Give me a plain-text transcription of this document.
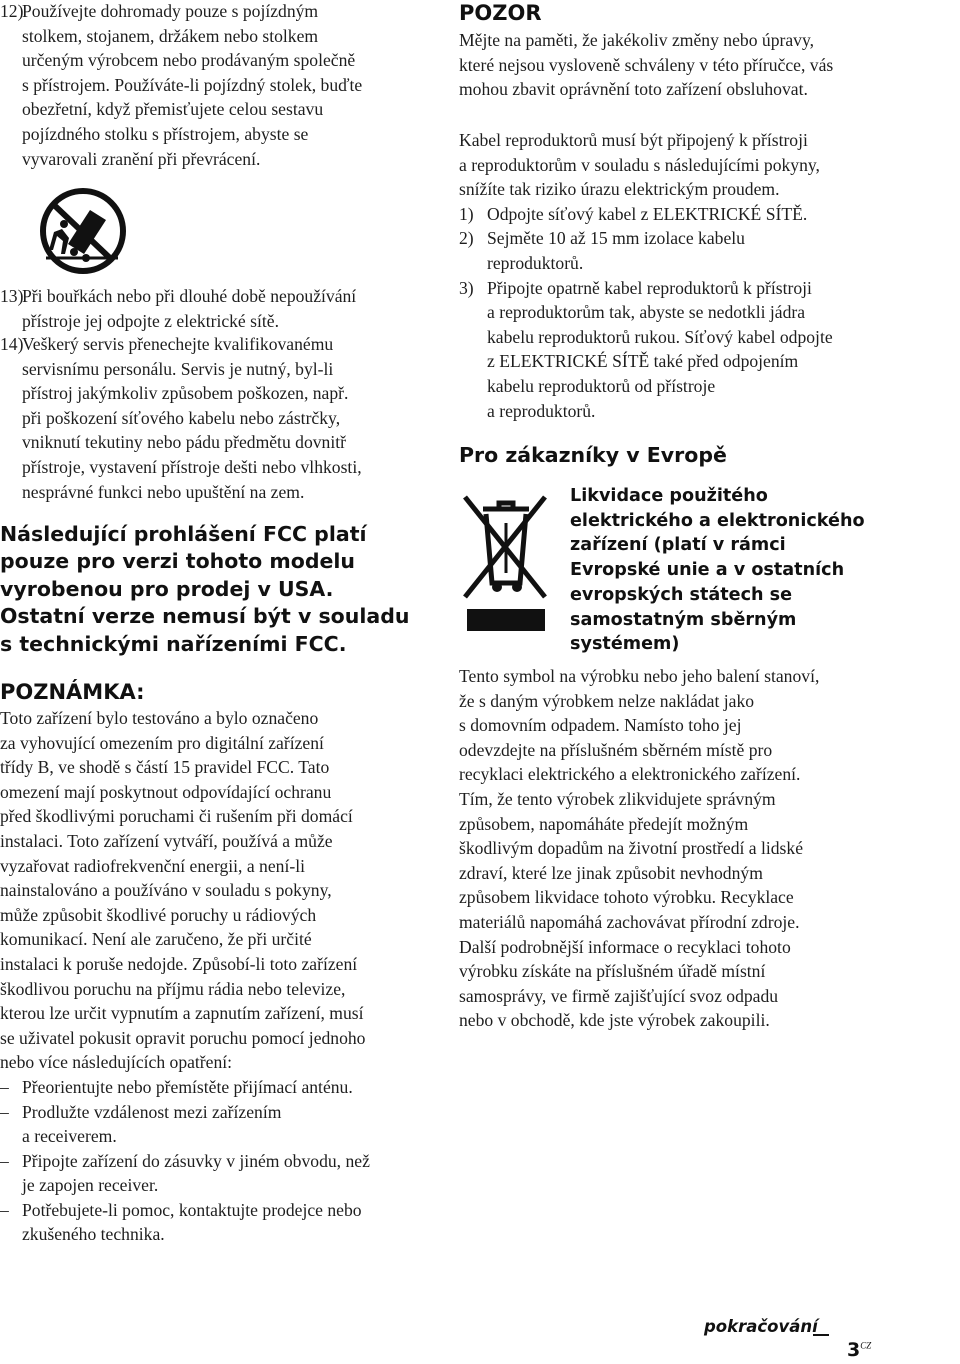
12)
Používejte dohromady pouze s pojízdným
stolkem, stojanem, držákem nebo stolkem
určeným výrobcem nebo prodávaným společně
s přístrojem. Používáte-li pojízdný stolek, buďte
obezřetní, když přemisťujete celou sestavu
pojízdného stolku s přístrojem, abyste se
vyvarovali zranění při převrácení.
13)
Při bouřkách nebo při dlouhé době nepoužívání
přístroje jej odpojte z elektrické sítě.
14)
Veškerý servis přenechejte kvalifikovanému
servisnímu personálu. Servis je nutný, byl-li
přístroj jakýmkoliv způsobem poškozen, např.
při poškození síťového kabelu nebo zástrčky,
vniknutí tekutiny nebo pádu předmětu dovnitř
přístroje, vystavení přístroje dešti nebo vlhkosti,
nesprávné funkci nebo upuštění na zem.
Následující prohlášení FCC platí
pouze pro verzi tohoto modelu
vyrobenou pro prodej v USA.
Ostatní verze nemusí být v souladu
s technickými nařízeními FCC.
POZNÁMKA:
Toto zařízení bylo testováno a bylo označeno
za vyhovující omezením pro digitální zařízení
třídy B, ve shodě s částí 15 pravidel FCC. Tato
omezení mají poskytnout odpovídající ochranu
před škodlivými poruchami či rušením při domácí
instalaci. Toto zařízení vytváří, používá a může
vyzařovat radiofrekvenční energii, a není-li
nainstalováno a používáno v souladu s pokyny,
může způsobit škodlivé poruchy u rádiových
komunikací. Není ale zaručeno, že při určité
instalaci k poruše nedojde. Způsobí-li toto zařízení
škodlivou poruchu na příjmu rádia nebo televize,
kterou lze určit vypnutím a zapnutím zařízení, musí
se uživatel pokusit opravit poruchu pomocí jednoho
nebo více následujících opatření:
– Přeorientujte nebo přemístěte přijímací anténu.
– Prodlužte vzdálenost mezi zařízením
a receiverem.
– Připojte zařízení do zásuvky v jiném obvodu, než
je zapojen receiver.
– Potřebujete-li pomoc, kontaktujte prodejce nebo
zkušeného technika.
POZOR
Mějte na paměti, že jakékoliv změny nebo úpravy,
které nejsou vysloveně schváleny v této příručce, vás
mohou zbavit oprávnění toto zařízení obsluhovat.
Kabel reproduktorů musí být připojený k přístroji
a reproduktorům v souladu s následujícími pokyny,
snížíte tak riziko úrazu elektrickým proudem.
1) Odpojte síťový kabel z ELEKTRICKÉ SÍTĚ.
2) Sejměte 10 až 15 mm izolace kabelu
reproduktorů.
3) Připojte opatrně kabel reproduktorů k přístroji
a reproduktorům tak, abyste se nedotkli jádra
kabelu reproduktorů rukou. Síťový kabel odpojte
z ELEKTRICKÉ SÍTĚ také před odpojením
kabelu reproduktorů od přístroje
a reproduktorů.
Pro zákazníky v Evropě
Likvidace použitého
elektrického a elektronického
zařízení (platí v rámci
Evropské unie a v ostatních
evropských státech se
samostatným sběrným
systémem)
Tento symbol na výrobku nebo jeho balení stanoví,
že s daným výrobkem nelze nakládat jako
s domovním odpadem. Namísto toho jej
odevzdejte na příslušném sběrném místě pro
recyklaci elektrického a elektronického zařízení.
Tím, že tento výrobek zlikvidujete správným
způsobem, napomáháte předejít možným
škodlivým dopadům na životní prostředí a lidské
zdraví, které lze jinak způsobit nevhodným
způsobem likvidace tohoto výrobku. Recyklace
materiálů napomáhá zachovávat přírodní zdroje.
Další podrobnější informace o recyklaci tohoto
výrobku získáte na příslušném úřadě místní
samosprávy, ve firmě zajišťující svoz odpadu
nebo v obchodě, kde jste výrobek zakoupili.
pokračování
$3^{CZ}$
